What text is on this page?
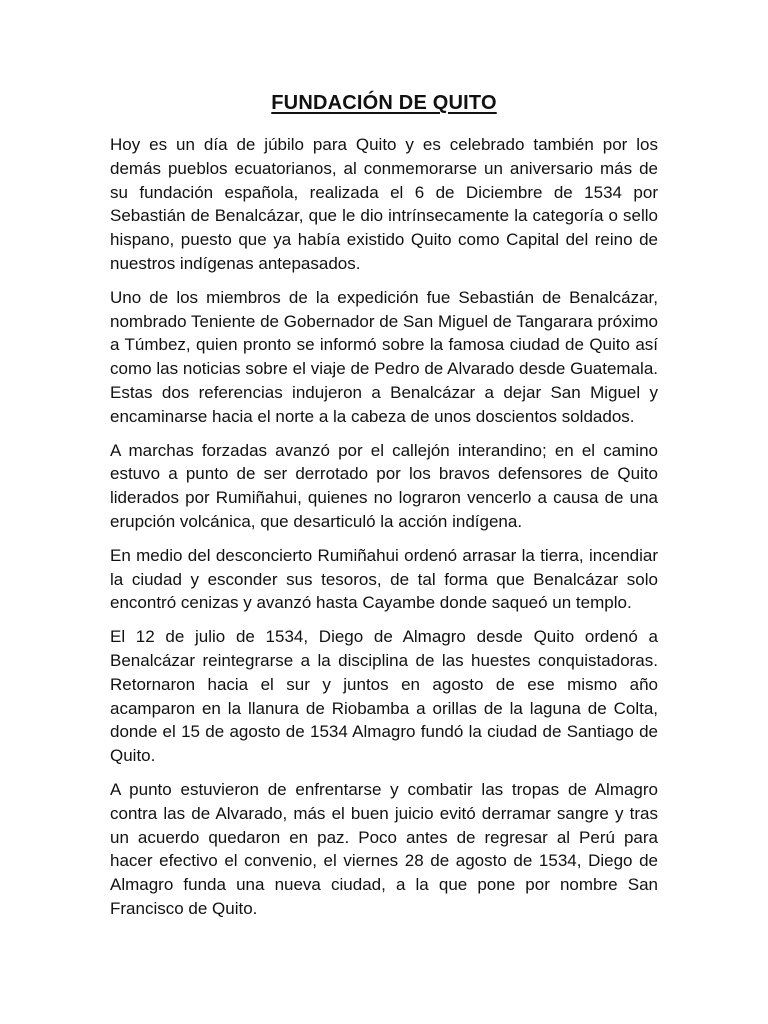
FUNDACIÓN DE QUITO

Hoy es un día de júbilo para Quito y es celebrado también por los demás pueblos ecuatorianos, al conmemorarse un aniversario más de su fundación española, realizada el 6 de Diciembre de 1534 por Sebastián de Benalcázar, que le dio intrínsecamente la categoría o sello hispano, puesto que ya había existido Quito como Capital del reino de nuestros indígenas antepasados.

Uno de los miembros de la expedición fue Sebastián de Benalcázar, nombrado Teniente de Gobernador de San Miguel de Tangarara próximo a Túmbez, quien pronto se informó sobre la famosa ciudad de Quito así como las noticias sobre el viaje de Pedro de Alvarado desde Guatemala. Estas dos referencias indujeron a Benalcázar a dejar San Miguel y encaminarse hacia el norte a la cabeza de unos doscientos soldados.

A marchas forzadas avanzó por el callejón interandino; en el camino estuvo a punto de ser derrotado por los bravos defensores de Quito liderados por Rumiñahui, quienes no lograron vencerlo a causa de una erupción volcánica, que desarticuló la acción indígena.

En medio del desconcierto Rumiñahui ordenó arrasar la tierra, incendiar la ciudad y esconder sus tesoros, de tal forma que Benalcázar solo encontró cenizas y avanzó hasta Cayambe donde saqueó un templo.

El 12 de julio de 1534, Diego de Almagro desde Quito ordenó a Benalcázar reintegrarse a la disciplina de las huestes conquistadoras. Retornaron hacia el sur y juntos en agosto de ese mismo año acamparon en la llanura de Riobamba a orillas de la laguna de Colta, donde el 15 de agosto de 1534 Almagro fundó la ciudad de Santiago de Quito.

A punto estuvieron de enfrentarse y combatir las tropas de Almagro contra las de Alvarado, más el buen juicio evitó derramar sangre y tras un acuerdo quedaron en paz. Poco antes de regresar al Perú para hacer efectivo el convenio, el viernes 28 de agosto de 1534, Diego de Almagro funda una nueva ciudad, a la que pone por nombre San Francisco de Quito.
